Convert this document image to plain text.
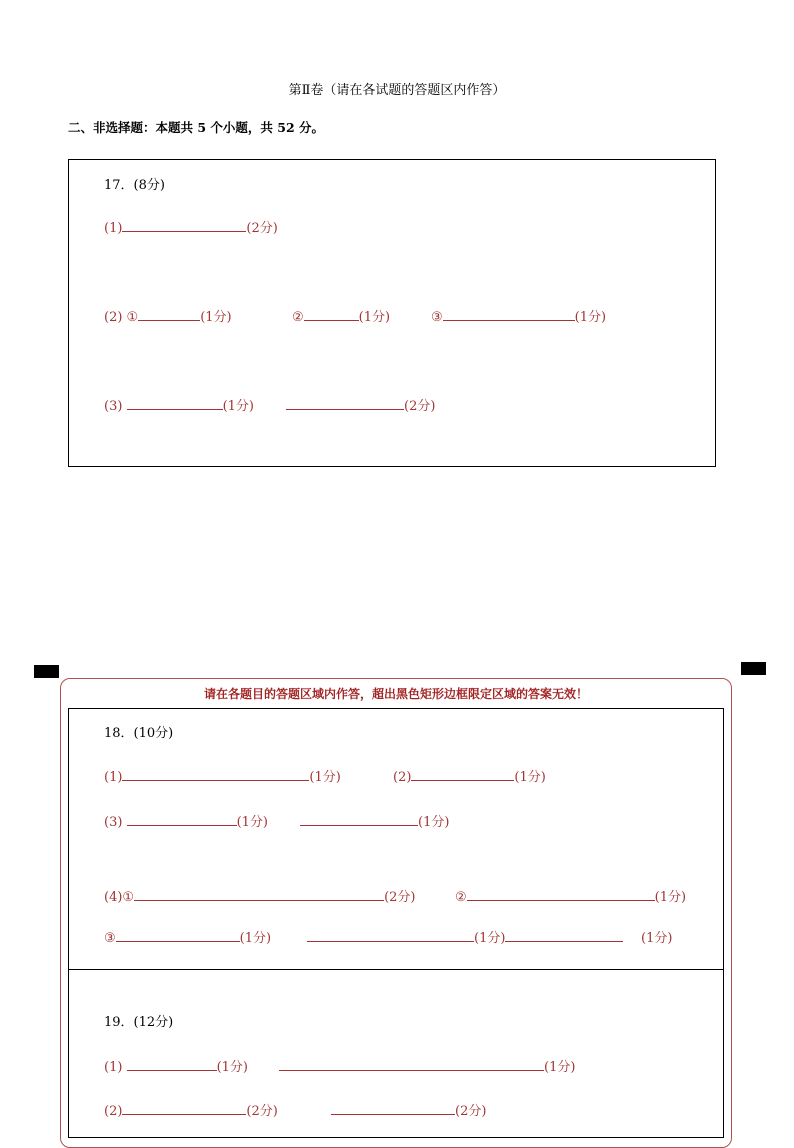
第Ⅱ卷（请在各试题的答题区内作答）
二、非选择题：本题共 5 个小题，共 52 分。
17．(8分)
(1)	(2分)
(2) ①	(1分)	②	(1分)	③	(1分)
(3)	(1分)	(2分)
请在各题目的答题区域内作答，超出黑色矩形边框限定区域的答案无效！
18．(10分)
(1)	(1分)	(2)	(1分)
(3)	(1分)	(1分)
(4)①	(2分)	②	(1分)
③	(1分)	(1分)	(1分)
19．(12分)
(1)	(1分)	(1分)
(2)	(2分)	(2分)
